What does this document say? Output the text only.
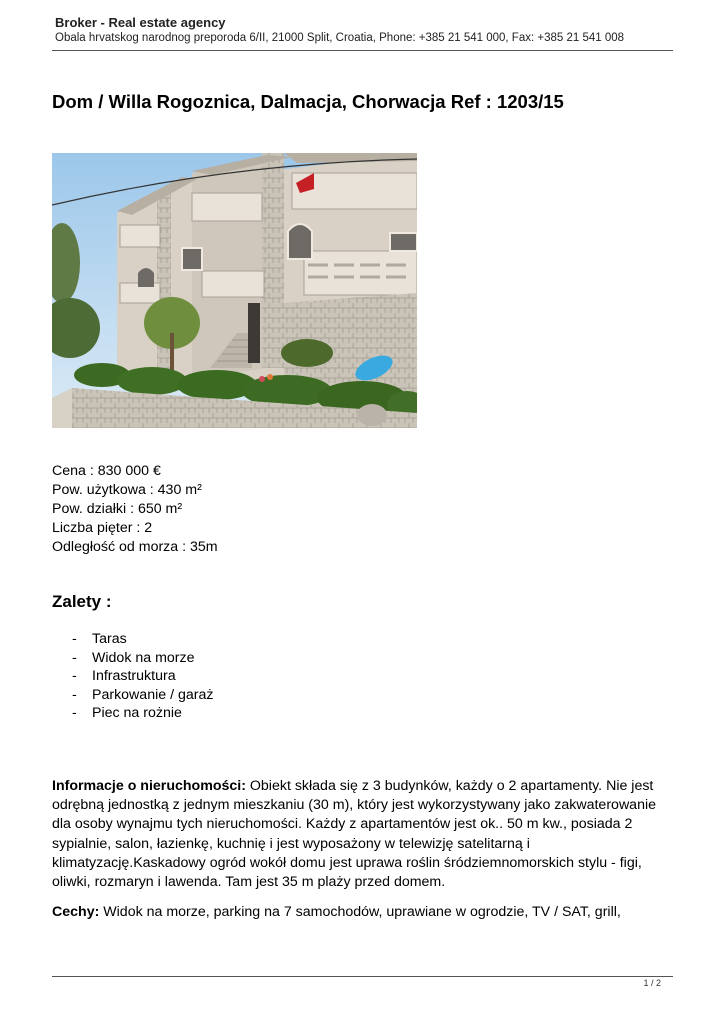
Broker - Real estate agency
Obala hrvatskog narodnog preporoda 6/II, 21000 Split, Croatia, Phone: +385 21 541 000, Fax: +385 21 541 008
Dom / Willa Rogoznica, Dalmacja, Chorwacja Ref : 1203/15
Cena : 830 000 €
Pow. użytkowa : 430 m²
Pow. działki : 650 m²
Liczba pięter : 2
Odległość od morza : 35m
Zalety :
- Taras
- Widok na morze
- Infrastruktura
- Parkowanie / garaż
- Piec na rożnie
Informacje o nieruchomości: Obiekt składa się z 3 budynków, każdy o 2 apartamenty. Nie jest odrębną jednostką z jednym mieszkaniu (30 m), który jest wykorzystywany jako zakwaterowanie dla osoby wynajmu tych nieruchomości. Każdy z apartamentów jest ok.. 50 m kw., posiada 2 sypialnie, salon, łazienkę, kuchnię i jest wyposażony w telewizję satelitarną i klimatyzację.Kaskadowy ogród wokół domu jest uprawa roślin śródziemnomorskich stylu - figi, oliwki, rozmaryn i lawenda. Tam jest 35 m plaży przed domem.
Cechy: Widok na morze, parking na 7 samochodów, uprawiane w ogrodzie, TV / SAT, grill,
1 / 2
